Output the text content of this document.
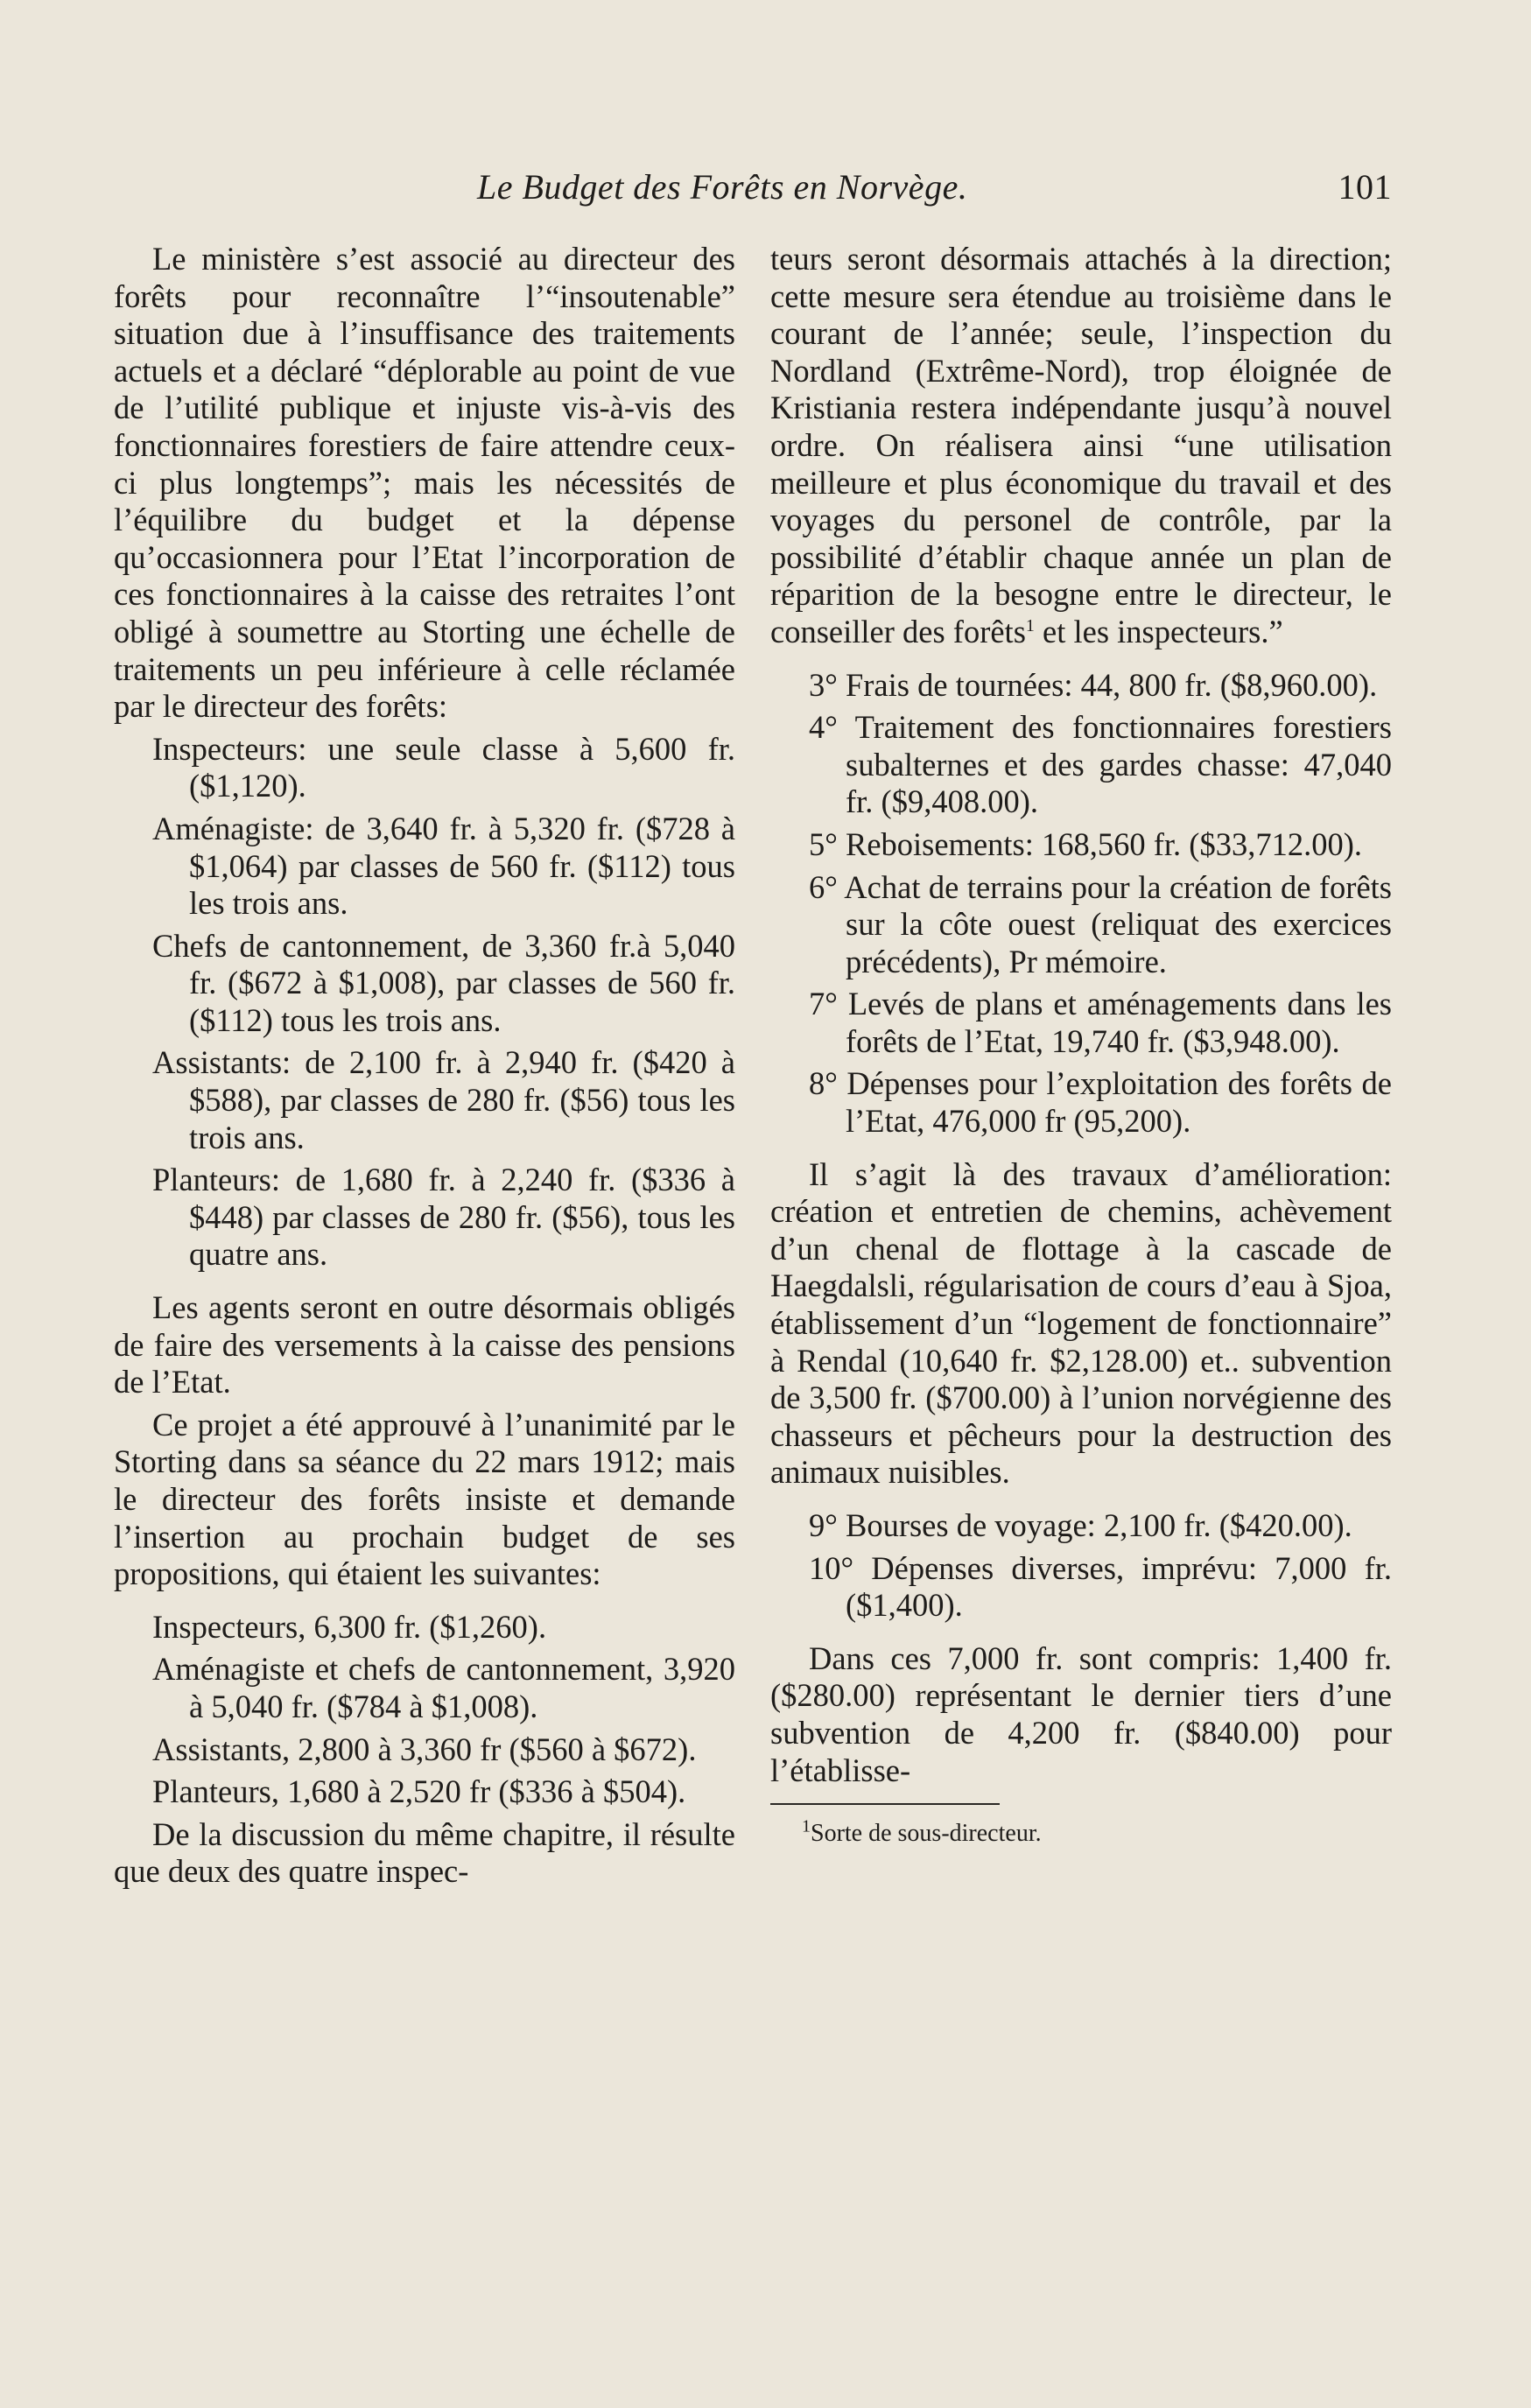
Le Budget des Forêts en Norvège.	101

Le ministère s’est associé au directeur des forêts pour reconnaître l’“insoutenable” situation due à l’insuffisance des traitements actuels et a déclaré “déplorable au point de vue de l’utilité publique et injuste vis-à-vis des fonctionnaires forestiers de faire attendre ceux-ci plus longtemps”; mais les nécessités de l’équilibre du budget et la dépense qu’occasionnera pour l’Etat l’incorporation de ces fonctionnaires à la caisse des retraites l’ont obligé à soumettre au Storting une échelle de traitements un peu inférieure à celle réclamée par le directeur des forêts:

Inspecteurs: une seule classe à 5,600 fr. ($1,120).

Aménagiste: de 3,640 fr. à 5,320 fr. ($728 à $1,064) par classes de 560 fr. ($112) tous les trois ans.

Chefs de cantonnement, de 3,360 fr.à 5,040 fr. ($672 à $1,008), par classes de 560 fr. ($112) tous les trois ans.

Assistants: de 2,100 fr. à 2,940 fr. ($420 à $588), par classes de 280 fr. ($56) tous les trois ans.

Planteurs: de 1,680 fr. à 2,240 fr. ($336 à $448) par classes de 280 fr. ($56), tous les quatre ans.

Les agents seront en outre désormais obligés de faire des versements à la caisse des pensions de l’Etat.

Ce projet a été approuvé à l’unanimité par le Storting dans sa séance du 22 mars 1912; mais le directeur des forêts insiste et demande l’insertion au prochain budget de ses propositions, qui étaient les suivantes:

Inspecteurs, 6,300 fr. ($1,260).

Aménagiste et chefs de cantonnement, 3,920 à 5,040 fr. ($784 à $1,008).

Assistants, 2,800 à 3,360 fr ($560 à $672).

Planteurs, 1,680 à 2,520 fr ($336 à $504).

De la discussion du même chapitre, il résulte que deux des quatre inspec-

teurs seront désormais attachés à la direction; cette mesure sera étendue au troisième dans le courant de l’année; seule, l’inspection du Nordland (Extrême-Nord), trop éloignée de Kristiania restera indépendante jusqu’à nouvel ordre. On réalisera ainsi “une utilisation meilleure et plus économique du travail et des voyages du personel de contrôle, par la possibilité d’établir chaque année un plan de réparition de la besogne entre le directeur, le conseiller des forêts$^1$ et les inspecteurs.”

3° Frais de tournées: 44, 800 fr. ($8,960.00).

4° Traitement des fonctionnaires forestiers subalternes et des gardes chasse: 47,040 fr. ($9,408.00).

5° Reboisements: 168,560 fr. ($33,712.00).

6° Achat de terrains pour la création de forêts sur la côte ouest (reliquat des exercices précédents), Pr mémoire.

7° Levés de plans et aménagements dans les forêts de l’Etat, 19,740 fr. ($3,948.00).

8° Dépenses pour l’exploitation des forêts de l’Etat, 476,000 fr (95,200).

Il s’agit là des travaux d’amélioration: création et entretien de chemins, achèvement d’un chenal de flottage à la cascade de Haegdalsli, régularisation de cours d’eau à Sjoa, établissement d’un “logement de fonctionnaire” à Rendal (10,640 fr. $2,128.00) et.. subvention de 3,500 fr. ($700.00) à l’union norvégienne des chasseurs et pêcheurs pour la destruction des animaux nuisibles.

9° Bourses de voyage: 2,100 fr. ($420.00).

10° Dépenses diverses, imprévu: 7,000 fr. ($1,400).

Dans ces 7,000 fr. sont compris: 1,400 fr. ($280.00) représentant le dernier tiers d’une subvention de 4,200 fr. ($840.00) pour l’établisse-

$^1$Sorte de sous-directeur.
